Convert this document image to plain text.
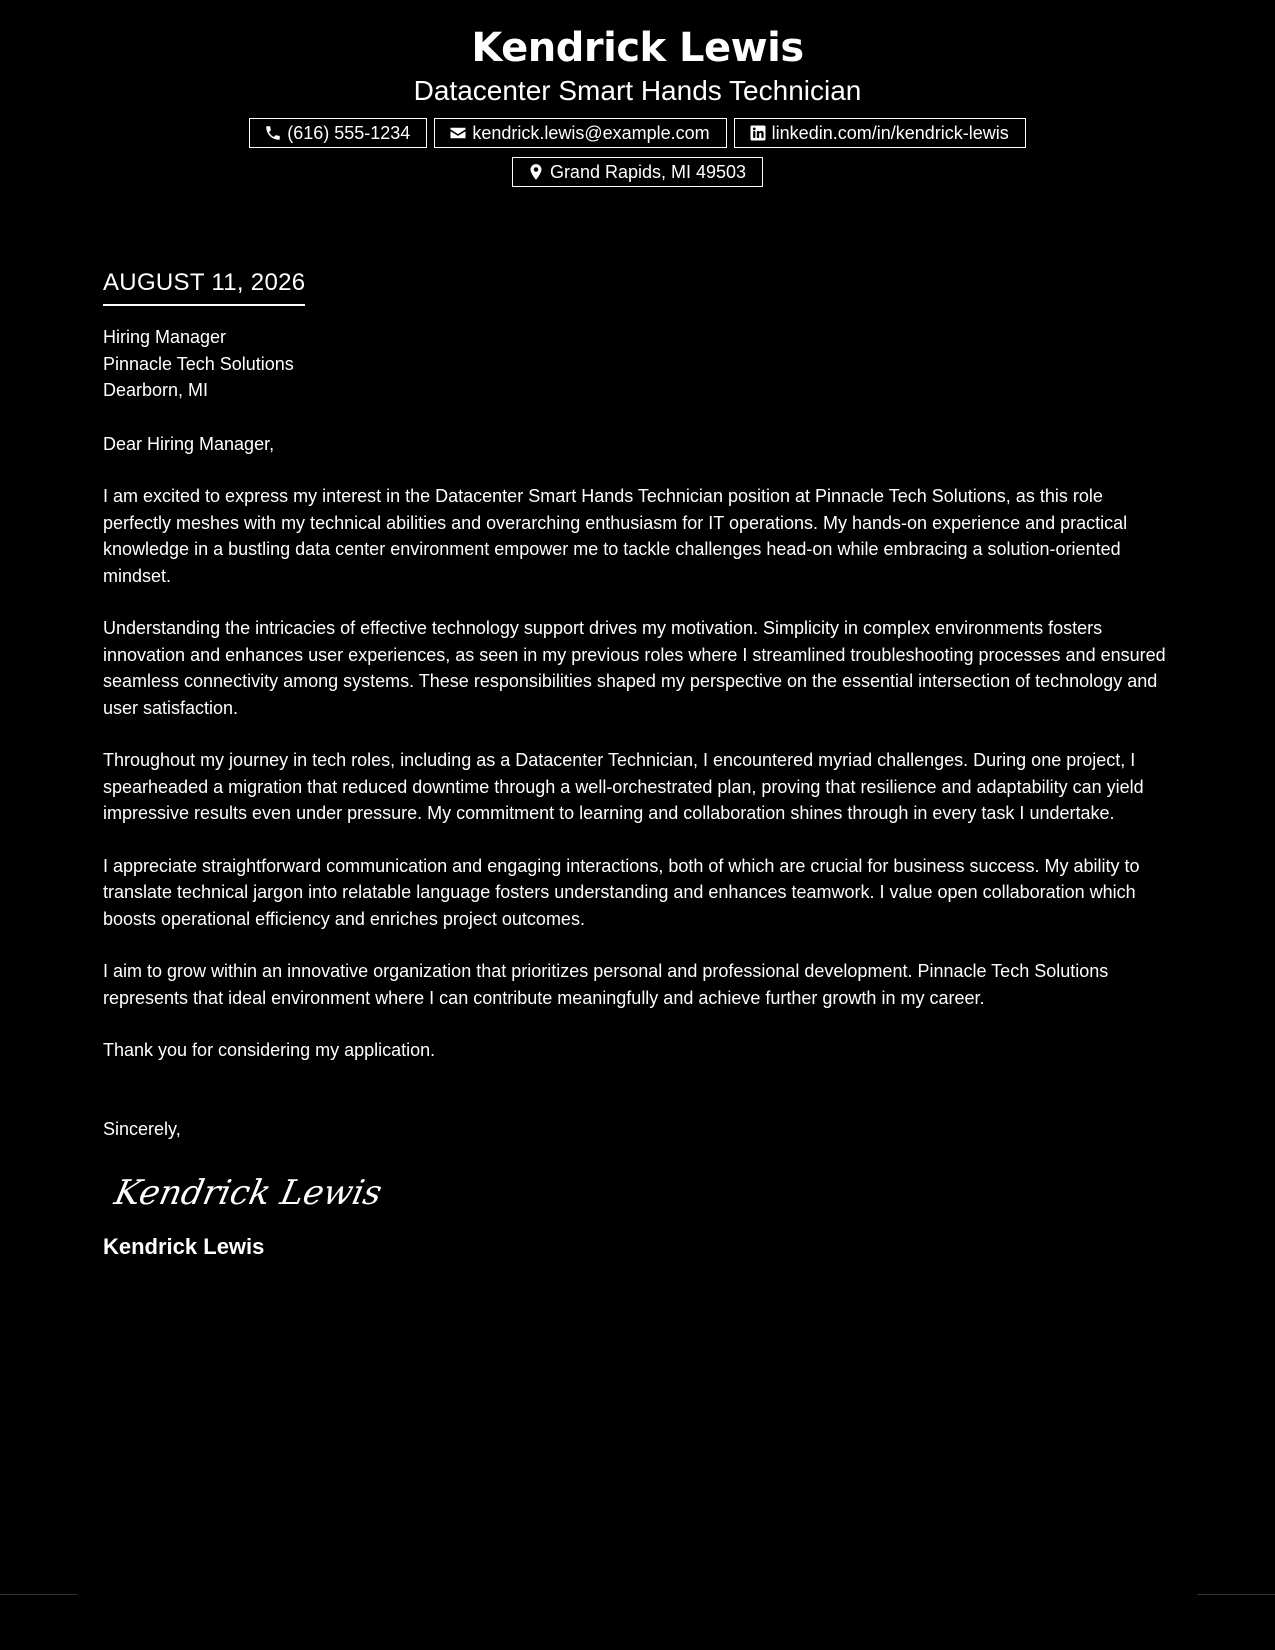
Kendrick Lewis
Datacenter Smart Hands Technician
(616) 555-1234	kendrick.lewis@example.com	linkedin.com/in/kendrick-lewis
Grand Rapids, MI 49503
AUGUST 11, 2026
Hiring Manager
Pinnacle Tech Solutions
Dearborn, MI
Dear Hiring Manager,

I am excited to express my interest in the Datacenter Smart Hands Technician position at Pinnacle Tech Solutions, as this role perfectly meshes with my technical abilities and overarching enthusiasm for IT operations. My hands-on experience and practical knowledge in a bustling data center environment empower me to tackle challenges head-on while embracing a solution-oriented mindset.

Understanding the intricacies of effective technology support drives my motivation. Simplicity in complex environments fosters innovation and enhances user experiences, as seen in my previous roles where I streamlined troubleshooting processes and ensured seamless connectivity among systems. These responsibilities shaped my perspective on the essential intersection of technology and user satisfaction.

Throughout my journey in tech roles, including as a Datacenter Technician, I encountered myriad challenges. During one project, I spearheaded a migration that reduced downtime through a well-orchestrated plan, proving that resilience and adaptability can yield impressive results even under pressure. My commitment to learning and collaboration shines through in every task I undertake.

I appreciate straightforward communication and engaging interactions, both of which are crucial for business success. My ability to translate technical jargon into relatable language fosters understanding and enhances teamwork. I value open collaboration which boosts operational efficiency and enriches project outcomes.

I aim to grow within an innovative organization that prioritizes personal and professional development. Pinnacle Tech Solutions represents that ideal environment where I can contribute meaningfully and achieve further growth in my career.

Thank you for considering my application.

Sincerely,
Kendrick Lewis
Kendrick Lewis
